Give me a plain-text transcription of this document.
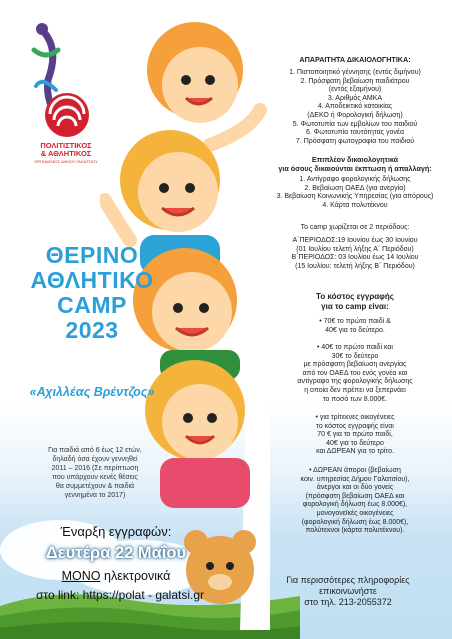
ΠΟΛΙΤΙΣΤΙΚΟΣ
& ΑΘΛΗΤΙΚΟΣ
ΟΡΓΑΝΙΣΜΟΣ ΔΗΜΟΥ ΓΑΛΑΤΣΙΟΥ
ΘΕΡΙΝΟ
ΑΘΛΗΤΙΚΟ
CAMP
2023
«Αχιλλέας Βρέντζος»
Για παιδιά από 6 έως 12 ετών,
δηλαδή όσα έχουν γεννηθεί
2011 – 2016 (Σε περίπτωση
που υπάρχουν κενές θέσεις
θα συμμετέχουν & παιδιά
γεννημένα το 2017)
Έναρξη εγγραφών:
Δευτέρα 22 Μαΐου
ΜΟΝΟ ηλεκτρονικά
στο link: https://polat - galatsi.gr
ΑΠΑΡΑΙΤΗΤΑ ΔΙΚΑΙΟΛΟΓΗΤΙΚΑ:
1. Πιστοποιητικό γέννησης (εντός διμήνου)
2. Πρόσφατη βεβαίωση παιδιάτρου
(εντός εξαμήνου)
3. Αριθμός ΑΜΚΑ
4. Αποδεικτικό κατοικίας
(ΔΕΚΟ ή Φορολογική δήλωση)
5. Φωτοτυπία των εμβολίων του παιδιού
6. Φωτοτυπία ταυτότητας γονέα
7. Πρόσφατη φωτογραφία του παιδιού
Επιπλέον δικαιολογητικά
για όσους δικαιούνται έκπτωση ή απαλλαγή:
1. Αντίγραφο φορολογικής δήλωσης
2. Βεβαίωση ΟΑΕΔ (για ανεργία)
3. Βεβαίωση Κοινωνικής Υπηρεσίας (για απόρους)
4. Κάρτα πολυτέκνου
Το camp χωρίζεται σε 2 περιόδους:
Α΄ΠΕΡΙΟΔΟΣ:19 Ιουνίου έως 30 Ιουνίου
(01 Ιουλίου τελετή λήξης Α΄ Περιόδου)
Β΄ΠΕΡΙΟΔΟΣ: 03 Ιουλίου έως 14 Ιουλίου
(15 Ιουλίου: τελετή λήξης Β΄ Περιόδου)
Το κόστος εγγραφής
για το camp είναι:
• 70€ το πρώτο παιδί &
40€ για το δεύτερο.
• 40€ το πρώτο παιδί και
30€ το δεύτερο
με πρόσφατη βεβαίωση ανεργίας
από τον ΟΑΕΔ του ενός γονέα και
αντίγραφο της φορολογικής δήλωσης
η οποία δεν πρέπει να ξεπερνάει
το ποσό των 8.000€.
• για τρίτεκνες οικογένειες
το κόστος εγγραφής είναι
70 € για το πρώτο παιδί,
40€ για το δεύτερο
και ΔΩΡΕΑΝ για το τρίτο.
• ΔΩΡΕΑΝ άποροι (βεβαίωση
κοιν. υπηρεσίας Δήμου Γαλατσίου),
άνεργοι και οι δύο γονείς
(πρόσφατη βεβαίωση ΟΑΕΔ και
φορολογική δήλωση έως 8.000€),
μονογονεϊκές οικογένειες
(φορολογική δήλωση έως 8.000€),
πολύτεκνοι (κάρτα πολυτέκνου).
Για περισσότερες πληροφορίες
επικοινωνήστε
στο τηλ. 213-2055372
